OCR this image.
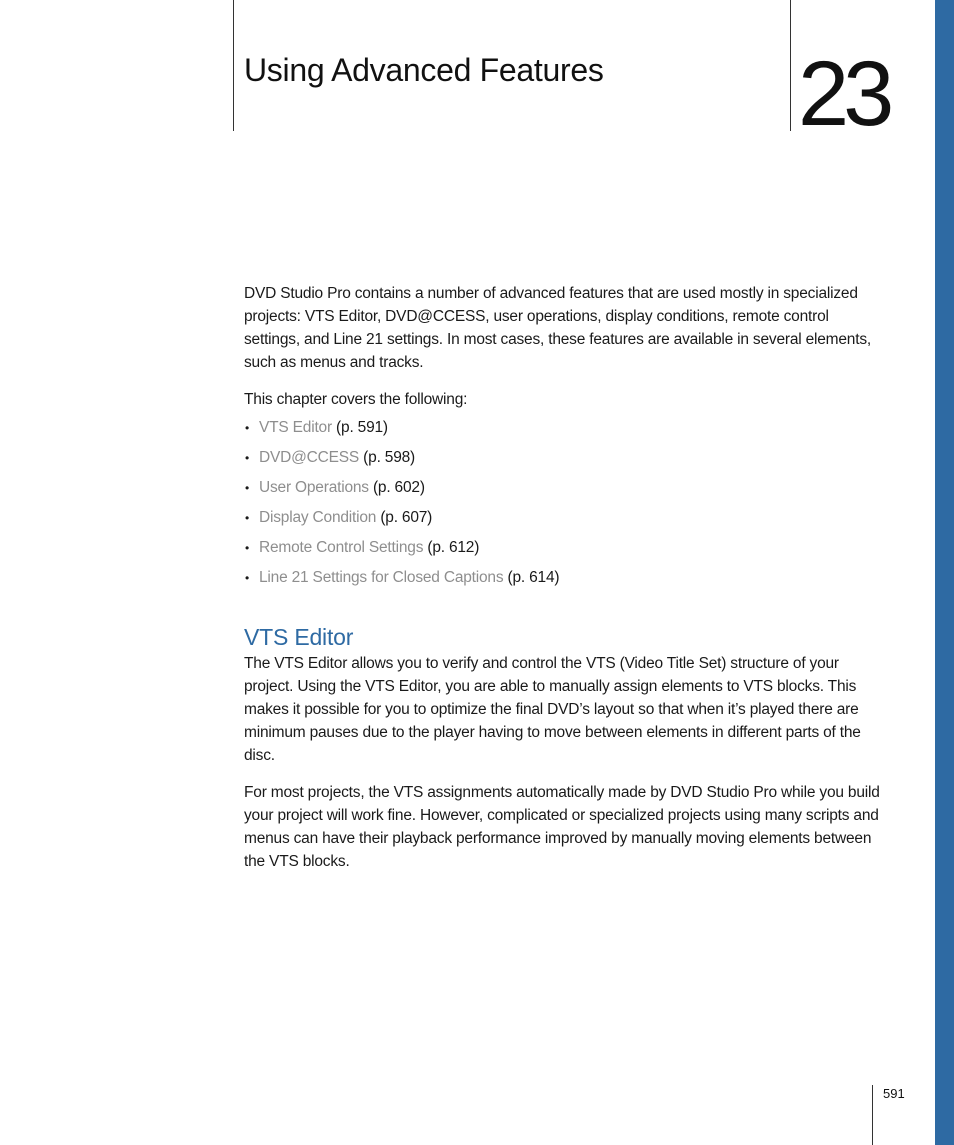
Using Advanced Features 23

DVD Studio Pro contains a number of advanced features that are used mostly in specialized projects: VTS Editor, DVD@CCESS, user operations, display conditions, remote control settings, and Line 21 settings. In most cases, these features are available in several elements, such as menus and tracks.

This chapter covers the following:

• VTS Editor (p. 591)
• DVD@CCESS (p. 598)
• User Operations (p. 602)
• Display Condition (p. 607)
• Remote Control Settings (p. 612)
• Line 21 Settings for Closed Captions (p. 614)
VTS Editor

The VTS Editor allows you to verify and control the VTS (Video Title Set) structure of your project. Using the VTS Editor, you are able to manually assign elements to VTS blocks. This makes it possible for you to optimize the final DVD’s layout so that when it’s played there are minimum pauses due to the player having to move between elements in different parts of the disc.

For most projects, the VTS assignments automatically made by DVD Studio Pro while you build your project will work fine. However, complicated or specialized projects using many scripts and menus can have their playback performance improved by manually moving elements between the VTS blocks.

591
